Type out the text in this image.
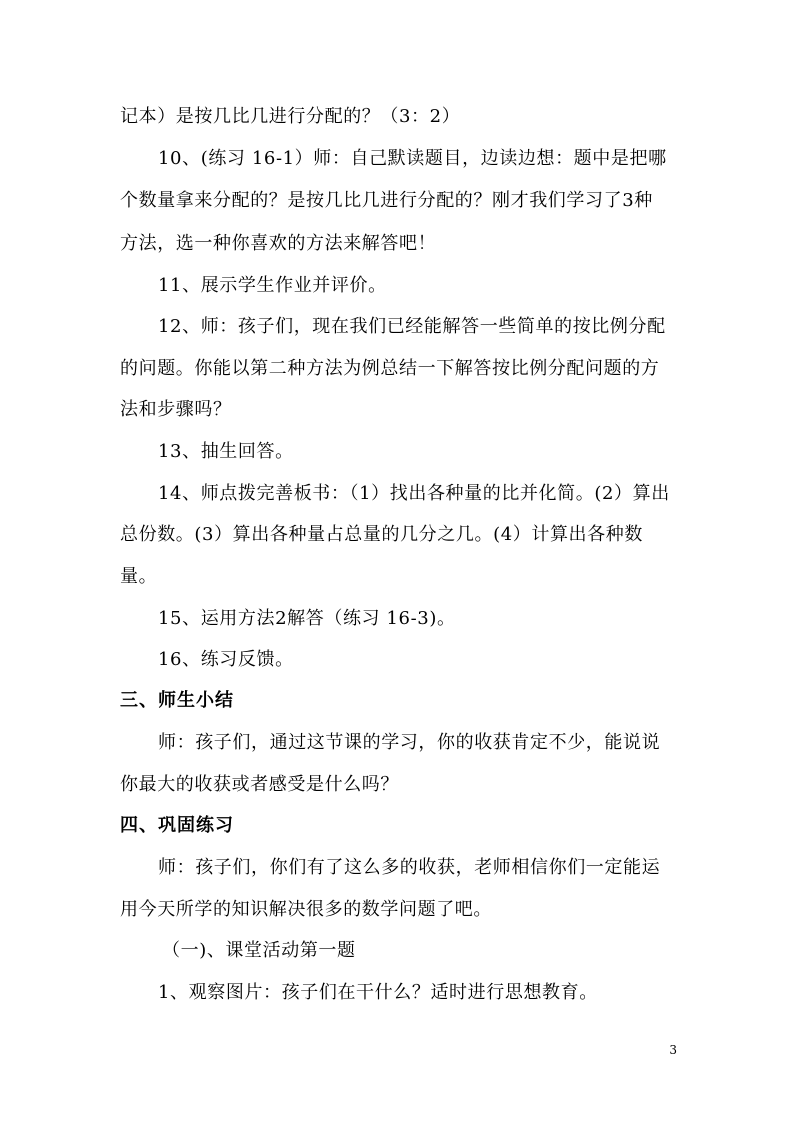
记本）是按几比几进行分配的？（3：2）
10、(练习 16-1）师：自己默读题目，边读边想：题中是把哪
个数量拿来分配的？是按几比几进行分配的？刚才我们学习了3种
方法，选一种你喜欢的方法来解答吧！
11、展示学生作业并评价。
12、师：孩子们，现在我们已经能解答一些简单的按比例分配
的问题。你能以第二种方法为例总结一下解答按比例分配问题的方
法和步骤吗？
13、抽生回答。
14、师点拨完善板书：（1）找出各种量的比并化简。(2）算出
总份数。(3）算出各种量占总量的几分之几。(4）计算出各种数
量。
15、运用方法2解答（练习 16-3)。
16、练习反馈。
三、师生小结
师：孩子们，通过这节课的学习，你的收获肯定不少，能说说
你最大的收获或者感受是什么吗？
四、巩固练习
师：孩子们，你们有了这么多的收获，老师相信你们一定能运
用今天所学的知识解决很多的数学问题了吧。
（一)、课堂活动第一题
1、观察图片：孩子们在干什么？适时进行思想教育。
3
